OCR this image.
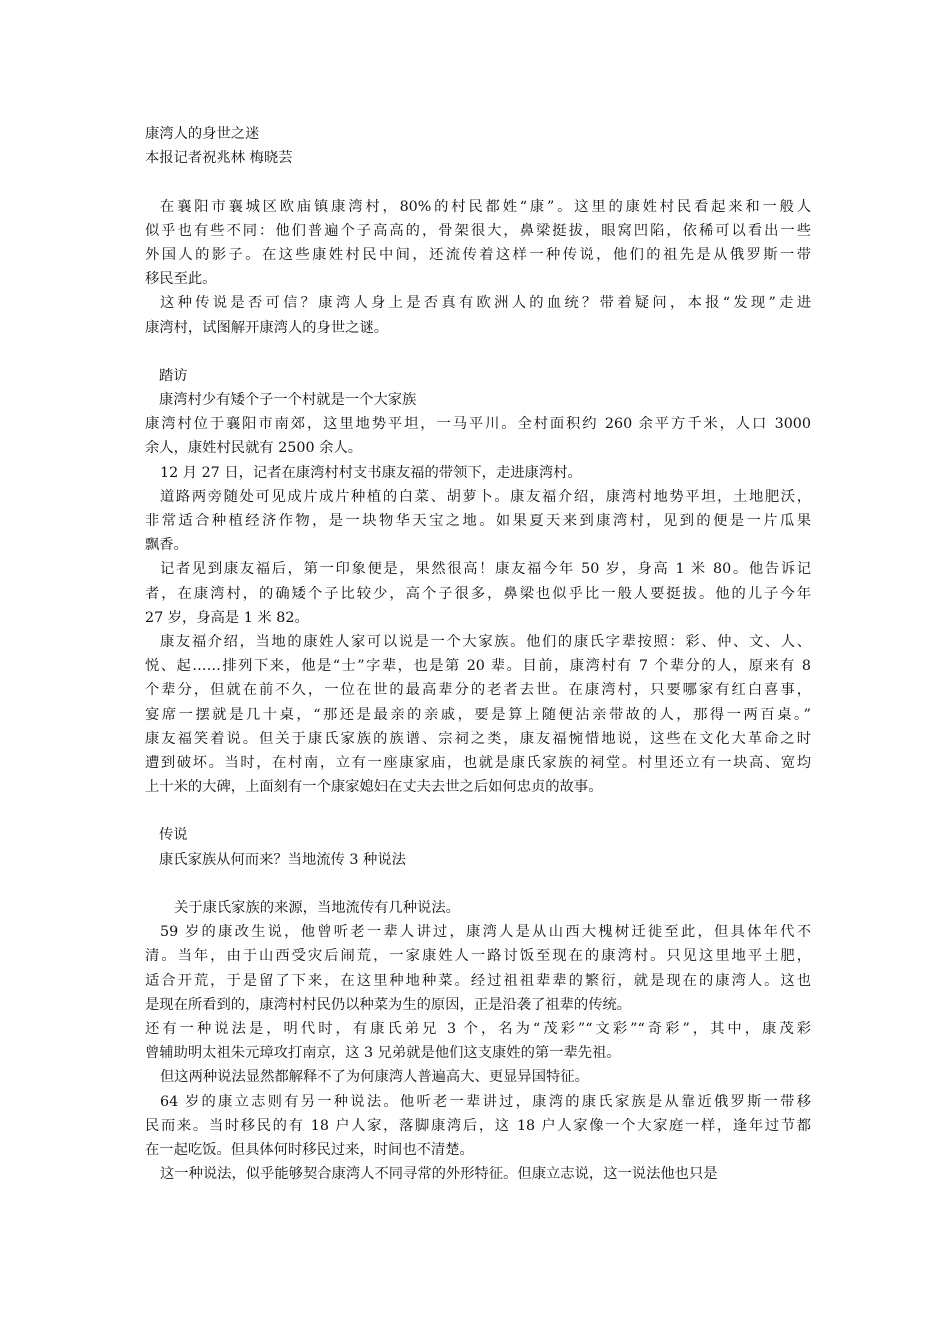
康湾人的身世之迷
本报记者祝兆林 梅晓芸
在襄阳市襄城区欧庙镇康湾村，80%的村民都姓“康”。这里的康姓村民看起来和一般人
似乎也有些不同：他们普遍个子高高的，骨架很大，鼻梁挺拔，眼窝凹陷，依稀可以看出一些
外国人的影子。在这些康姓村民中间，还流传着这样一种传说，他们的祖先是从俄罗斯一带
移民至此。
这种传说是否可信？康湾人身上是否真有欧洲人的血统？带着疑问，本报“发现”走进
康湾村，试图解开康湾人的身世之谜。
踏访
康湾村少有矮个子一个村就是一个大家族
康湾村位于襄阳市南郊，这里地势平坦，一马平川。全村面积约 260 余平方千米，人口 3000
余人，康姓村民就有 2500 余人。
12 月 27 日，记者在康湾村村支书康友福的带领下，走进康湾村。
道路两旁随处可见成片成片种植的白菜、胡萝卜。康友福介绍，康湾村地势平坦，土地肥沃，
非常适合种植经济作物，是一块物华天宝之地。如果夏天来到康湾村，见到的便是一片瓜果
飘香。
记者见到康友福后，第一印象便是，果然很高！康友福今年 50 岁，身高 1 米 80。他告诉记
者，在康湾村，的确矮个子比较少，高个子很多，鼻梁也似乎比一般人要挺拔。他的儿子今年
27 岁，身高是 1 米 82。
康友福介绍，当地的康姓人家可以说是一个大家族。他们的康氏字辈按照：彩、仲、文、人、
悦、起……排列下来，他是“士”字辈，也是第 20 辈。目前，康湾村有 7 个辈分的人，原来有 8
个辈分，但就在前不久，一位在世的最高辈分的老者去世。在康湾村，只要哪家有红白喜事，
宴席一摆就是几十桌，“那还是最亲的亲戚，要是算上随便沾亲带故的人，那得一两百桌。”
康友福笑着说。但关于康氏家族的族谱、宗祠之类，康友福惋惜地说，这些在文化大革命之时
遭到破坏。当时，在村南，立有一座康家庙，也就是康氏家族的祠堂。村里还立有一块高、宽均
上十米的大碑，上面刻有一个康家媳妇在丈夫去世之后如何忠贞的故事。
传说
康氏家族从何而来？当地流传 3 种说法
关于康氏家族的来源，当地流传有几种说法。
59 岁的康改生说，他曾听老一辈人讲过，康湾人是从山西大槐树迁徙至此，但具体年代不
清。当年，由于山西受灾后闹荒，一家康姓人一路讨饭至现在的康湾村。只见这里地平土肥，
适合开荒，于是留了下来，在这里种地种菜。经过祖祖辈辈的繁衍，就是现在的康湾人。这也
是现在所看到的，康湾村村民仍以种菜为生的原因，正是沿袭了祖辈的传统。
还有一种说法是，明代时，有康氏弟兄 3 个，名为“茂彩”“文彩”“奇彩”，其中，康茂彩
曾辅助明太祖朱元璋攻打南京，这 3 兄弟就是他们这支康姓的第一辈先祖。
但这两种说法显然都解释不了为何康湾人普遍高大、更显异国特征。
64 岁的康立志则有另一种说法。他听老一辈讲过，康湾的康氏家族是从靠近俄罗斯一带移
民而来。当时移民的有 18 户人家，落脚康湾后，这 18 户人家像一个大家庭一样，逢年过节都
在一起吃饭。但具体何时移民过来，时间也不清楚。
这一种说法，似乎能够契合康湾人不同寻常的外形特征。但康立志说，这一说法他也只是
